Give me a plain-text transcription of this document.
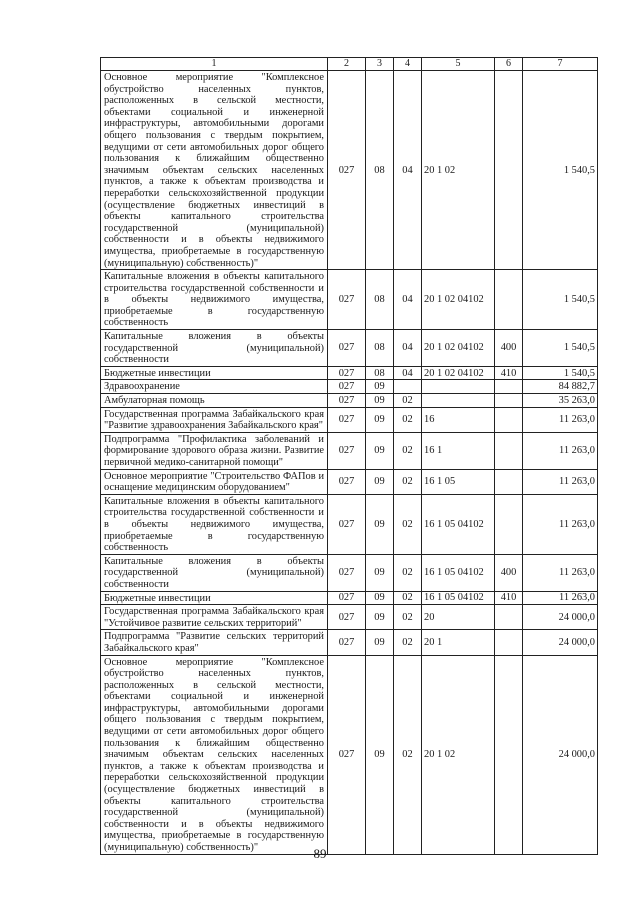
1	2	3	4	5	6	7
Основное мероприятие "Комплексное обустройство населенных пунктов, расположенных в сельской местности, объектами социальной и инженерной инфраструктуры, автомобильными дорогами общего пользования с твердым покрытием, ведущими от сети автомобильных дорог общего пользования к ближайшим общественно значимым объектам сельских населенных пунктов, а также к объектам производства и переработки сельскохозяйственной продукции (осуществление бюджетных инвестиций в объекты капитального строительства государственной (муниципальной) собственности и в объекты недвижимого имущества, приобретаемые в государственную (муниципальную) собственность)"	027	08	04	20 1 02		1 540,5
Капитальные вложения в объекты капитального строительства государственной собственности и в объекты недвижимого имущества, приобретаемые в государственную собственность	027	08	04	20 1 02 04102		1 540,5
Капитальные вложения в объекты государственной (муниципальной) собственности	027	08	04	20 1 02 04102	400	1 540,5
Бюджетные инвестиции	027	08	04	20 1 02 04102	410	1 540,5
Здравоохранение	027	09				84 882,7
Амбулаторная помощь	027	09	02			35 263,0
Государственная программа Забайкальского края "Развитие здравоохранения Забайкальского края"	027	09	02	16		11 263,0
Подпрограмма "Профилактика заболеваний и формирование здорового образа жизни. Развитие первичной медико-санитарной помощи"	027	09	02	16 1		11 263,0
Основное мероприятие "Строительство ФАПов и оснащение медицинским оборудованием"	027	09	02	16 1 05		11 263,0
Капитальные вложения в объекты капитального строительства государственной собственности и в объекты недвижимого имущества, приобретаемые в государственную собственность	027	09	02	16 1 05 04102		11 263,0
Капитальные вложения в объекты государственной (муниципальной) собственности	027	09	02	16 1 05 04102	400	11 263,0
Бюджетные инвестиции	027	09	02	16 1 05 04102	410	11 263,0
Государственная программа Забайкальского края "Устойчивое развитие сельских территорий"	027	09	02	20		24 000,0
Подпрограмма "Развитие сельских территорий Забайкальского края"	027	09	02	20 1		24 000,0
Основное мероприятие "Комплексное обустройство населенных пунктов, расположенных в сельской местности, объектами социальной и инженерной инфраструктуры, автомобильными дорогами общего пользования с твердым покрытием, ведущими от сети автомобильных дорог общего пользования к ближайшим общественно значимым объектам сельских населенных пунктов, а также к объектам производства и переработки сельскохозяйственной продукции (осуществление бюджетных инвестиций в объекты капитального строительства государственной (муниципальной) собственности и в объекты недвижимого имущества, приобретаемые в государственную (муниципальную) собственность)"	027	09	02	20 1 02		24 000,0
89
